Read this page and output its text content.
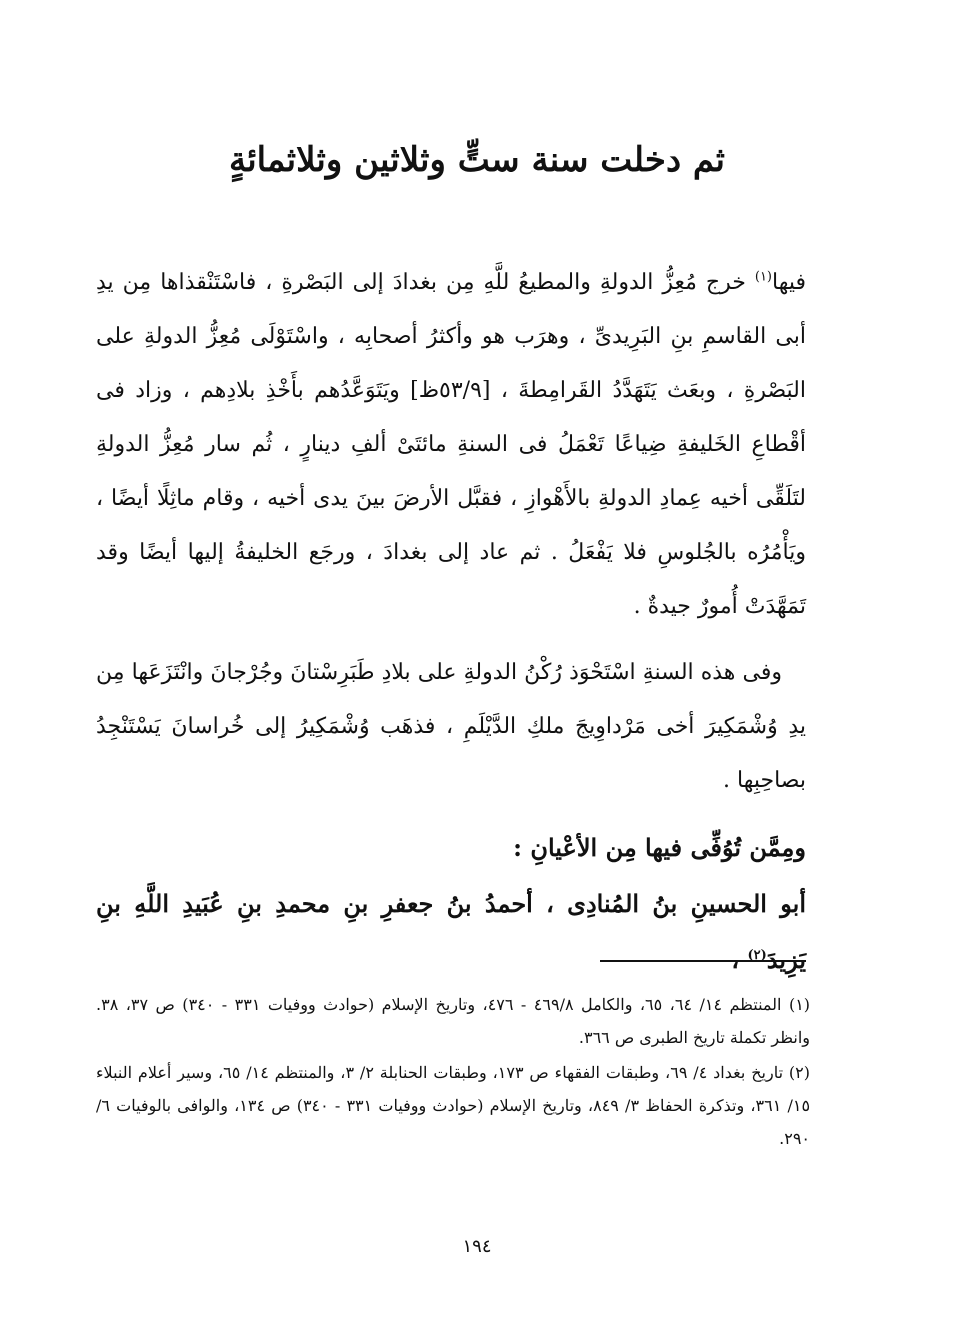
ثم دخلت سنة ستٍّ وثلاثين وثلاثمائةٍ

فيها$^{(١)}$ خرج مُعِزُّ الدولةِ والمطيعُ للَّهِ مِن بغدادَ إلى البَصْرةِ ، فاسْتَنْقذاها مِن يدِ أبى القاسمِ بنِ البَرِيدىِّ ، وهرَب هو وأكثرُ أصحابِه ، واسْتَوْلَى مُعِزُّ الدولةِ على البَصْرةِ ، وبعَث يَتَهَدَّدُ القَرامِطةَ ، [٥٣/٩ظ] ويَتَوَعَّدُهم بأَخْذِ بلادِهم ، وزاد فى أقْطاعِ الخَليفةِ ضِياعًا تَعْمَلُ فى السنةِ مائتَىْ ألفِ دينارٍ ، ثُم سار مُعِزُّ الدولةِ لتَلَقِّى أخيه عِمادِ الدولةِ بالأَهْوازِ ، فقبَّل الأرضَ بينَ يدى أخيه ، وقام ماثِلًا أيضًا ، ويَأْمُرُه بالجُلوسِ فلا يَفْعَلُ . ثم عاد إلى بغدادَ ، ورجَع الخليفةُ إليها أيضًا وقد تَمَهَّدَتْ أُمورٌ جيدةٌ .

وفى هذه السنةِ اسْتَحْوَذ رُكْنُ الدولةِ على بلادِ طَبَرِسْتانَ وجُرْجانَ وانْتَزَعَها مِن يدِ وُشْمَكِيرَ أخى مَرْداوِيجَ ملكِ الدَّيْلَمِ ، فذهَب وُشْمَكِيرُ إلى خُراسانَ يَسْتَنْجِدُ بصاحِبِها .

ومِمَّن تُوُفِّى فيها مِن الأعْيانِ :

أبو الحسينِ بنُ المُنادِى ، أحمدُ بنُ جعفرِ بنِ محمدِ بنِ عُبَيدِ اللَّهِ بنِ يَزِيدَ$^{(٢)}$ ،

(١) المنتظم ١٤/ ٦٤، ٦٥، والكامل ٤٦٩/٨ - ٤٧٦، وتاريخ الإسلام (حوادث ووفيات ٣٣١ - ٣٤٠) ص ٣٧، ٣٨. وانظر تكملة تاريخ الطبرى ص ٣٦٦.

(٢) تاريخ بغداد ٤/ ٦٩، وطبقات الفقهاء ص ١٧٣، وطبقات الحنابلة ٢/ ٣، والمنتظم ١٤/ ٦٥، وسير أعلام النبلاء ١٥/ ٣٦١، وتذكرة الحفاظ ٣/ ٨٤٩، وتاريخ الإسلام (حوادث ووفيات ٣٣١ - ٣٤٠) ص ١٣٤، والوافى بالوفيات ٦/ ٢٩٠.

١٩٤
